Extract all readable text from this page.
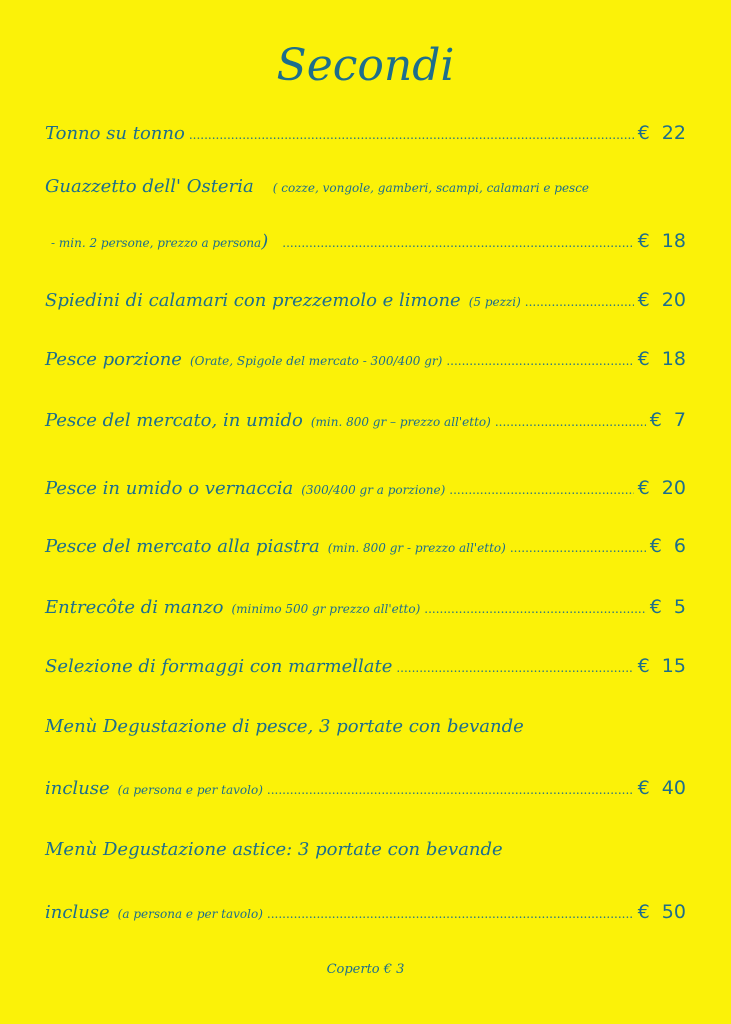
Secondi
Tonno su tonno .....	€  22
Guazzetto dell' Osteria ( cozze, vongole, gamberi, scampi, calamari e pesce
- min. 2 persone, prezzo a persona ) .....	€  18
Spiedini di calamari con prezzemolo e limone (5 pezzi) .....	€  20
Pesce porzione (Orate, Spigole del mercato - 300/400 gr) .....	€  18
Pesce del mercato, in umido (min. 800 gr – prezzo all'etto) .....	€  7
Pesce in umido o vernaccia (300/400 gr a porzione) .....	€  20
Pesce del mercato alla piastra (min. 800 gr - prezzo all'etto) .....	€  6
Entrecôte di manzo (minimo 500 gr prezzo all'etto) .....	€  5
Selezione di formaggi con marmellate .....	€  15
Menù Degustazione di pesce, 3 portate con bevande
incluse (a persona e per tavolo) .....	€  40
Menù Degustazione astice: 3 portate con bevande
incluse (a persona e per tavolo) .....	€  50
Coperto € 3
